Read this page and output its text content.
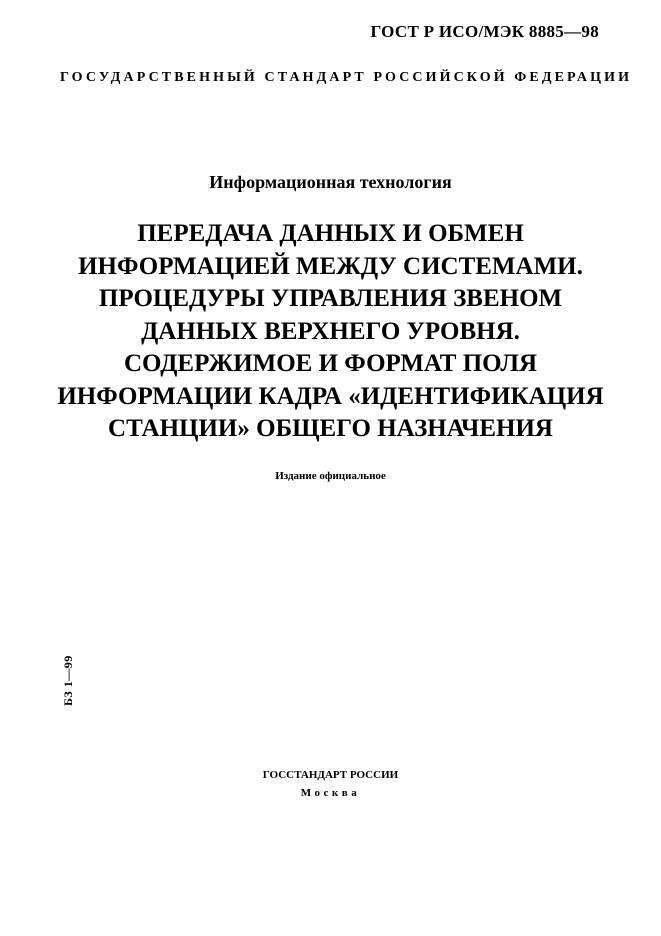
ГОСТ Р ИСО/МЭК 8885—98
ГОСУДАРСТВЕННЫЙ СТАНДАРТ РОССИЙСКОЙ ФЕДЕРАЦИИ
Информационная технология
ПЕРЕДАЧА ДАННЫХ И ОБМЕН
ИНФОРМАЦИЕЙ МЕЖДУ СИСТЕМАМИ.
ПРОЦЕДУРЫ УПРАВЛЕНИЯ ЗВЕНОМ
ДАННЫХ ВЕРХНЕГО УРОВНЯ.
СОДЕРЖИМОЕ И ФОРМАТ ПОЛЯ
ИНФОРМАЦИИ КАДРА «ИДЕНТИФИКАЦИЯ
СТАНЦИИ» ОБЩЕГО НАЗНАЧЕНИЯ
Издание официальное
БЗ 1—99
ГОССТАНДАРТ РОССИИ
Москва
